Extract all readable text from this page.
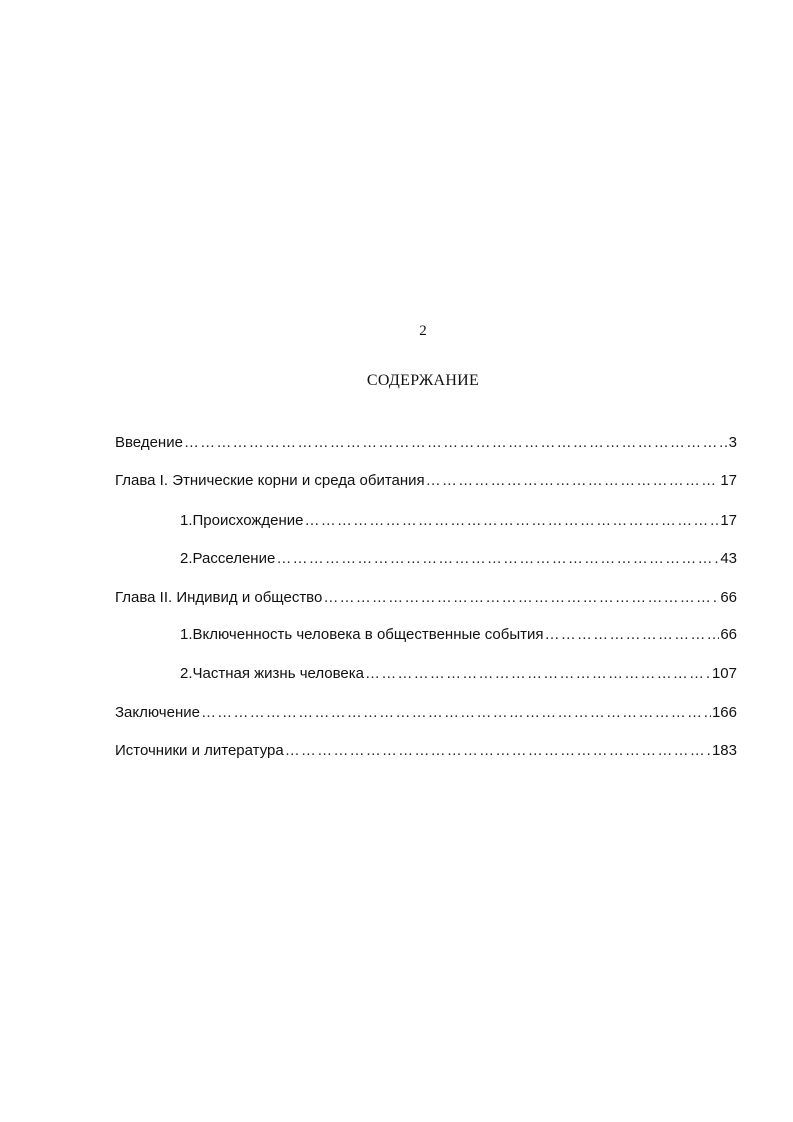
2
СОДЕРЖАНИЕ
Введение ……………………………………………………………………………………………………………………………………………………………………	3
Глава I. Этнические корни и среда обитания ……………………………………………………………………………………………………………………………………………………………………	17
1. Происхождение ……………………………………………………………………………………………………………………………………………………………………	17
2. Расселение ……………………………………………………………………………………………………………………………………………………………………	43
Глава II. Индивид и общество ……………………………………………………………………………………………………………………………………………………………………	66
1. Включенность человека в общественные события ……………………………………………………………………………………………………………………………………………………………………	66
2. Частная жизнь человека ……………………………………………………………………………………………………………………………………………………………………	107
Заключение ……………………………………………………………………………………………………………………………………………………………………	166
Источники и литература ……………………………………………………………………………………………………………………………………………………………………	183
